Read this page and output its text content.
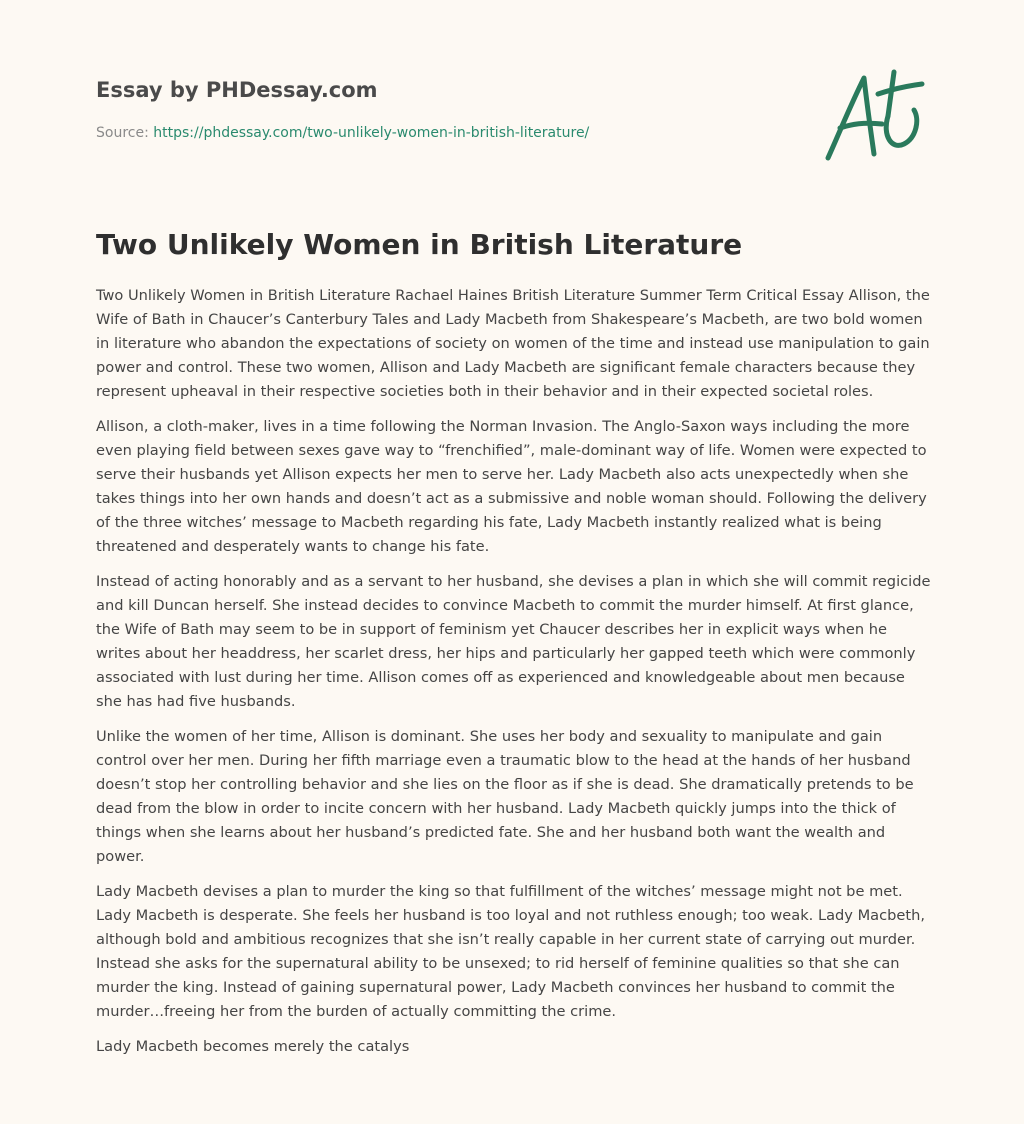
Essay by PHDessay.com
Source: https://phdessay.com/two-unlikely-women-in-british-literature/
Two Unlikely Women in British Literature

Two Unlikely Women in British Literature Rachael Haines British Literature Summer Term Critical Essay Allison, the Wife of Bath in Chaucer’s Canterbury Tales and Lady Macbeth from Shakespeare’s Macbeth, are two bold women in literature who abandon the expectations of society on women of the time and instead use manipulation to gain power and control. These two women, Allison and Lady Macbeth are significant female characters because they represent upheaval in their respective societies both in their behavior and in their expected societal roles.

Allison, a cloth-maker, lives in a time following the Norman Invasion. The Anglo-Saxon ways including the more even playing field between sexes gave way to “frenchified”, male-dominant way of life. Women were expected to serve their husbands yet Allison expects her men to serve her. Lady Macbeth also acts unexpectedly when she takes things into her own hands and doesn’t act as a submissive and noble woman should. Following the delivery of the three witches’ message to Macbeth regarding his fate, Lady Macbeth instantly realized what is being threatened and desperately wants to change his fate.

Instead of acting honorably and as a servant to her husband, she devises a plan in which she will commit regicide and kill Duncan herself. She instead decides to convince Macbeth to commit the murder himself. At first glance, the Wife of Bath may seem to be in support of feminism yet Chaucer describes her in explicit ways when he writes about her headdress, her scarlet dress, her hips and particularly her gapped teeth which were commonly associated with lust during her time. Allison comes off as experienced and knowledgeable about men because she has had five husbands.

Unlike the women of her time, Allison is dominant. She uses her body and sexuality to manipulate and gain control over her men. During her fifth marriage even a traumatic blow to the head at the hands of her husband doesn’t stop her controlling behavior and she lies on the floor as if she is dead. She dramatically pretends to be dead from the blow in order to incite concern with her husband. Lady Macbeth quickly jumps into the thick of things when she learns about her husband’s predicted fate. She and her husband both want the wealth and power.

Lady Macbeth devises a plan to murder the king so that fulfillment of the witches’ message might not be met. Lady Macbeth is desperate. She feels her husband is too loyal and not ruthless enough; too weak. Lady Macbeth, although bold and ambitious recognizes that she isn’t really capable in her current state of carrying out murder. Instead she asks for the supernatural ability to be unsexed; to rid herself of feminine qualities so that she can murder the king. Instead of gaining supernatural power, Lady Macbeth convinces her husband to commit the murder…freeing her from the burden of actually committing the crime.

Lady Macbeth becomes merely the catalys
